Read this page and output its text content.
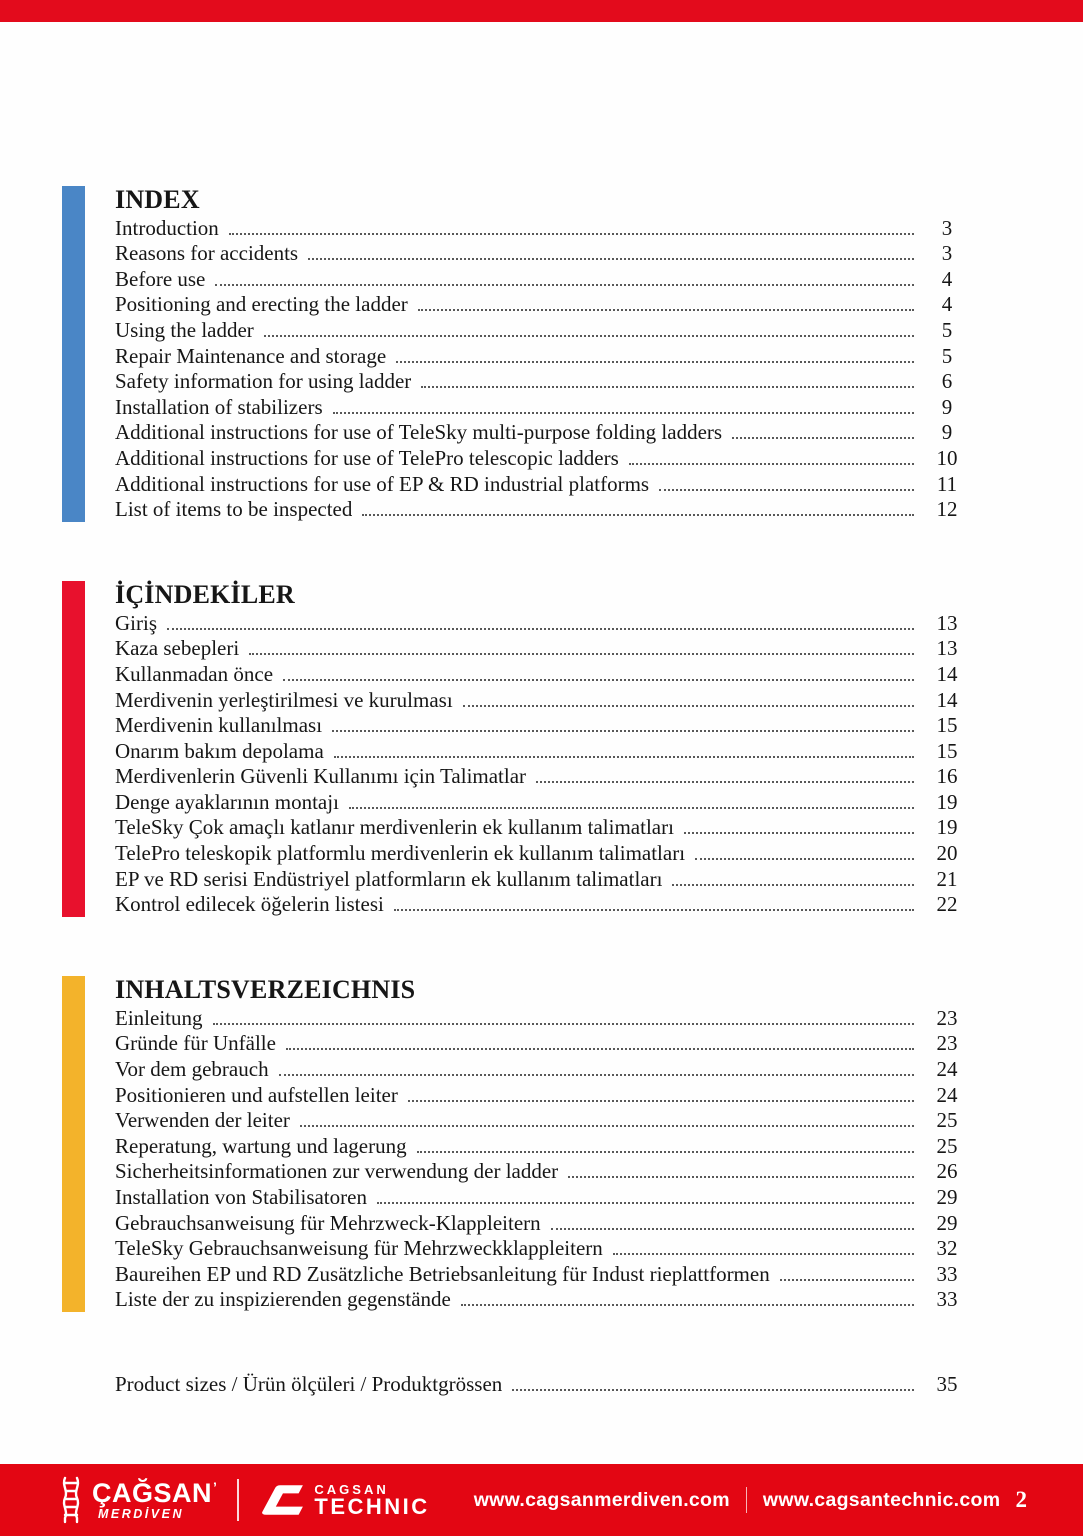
INDEX
Introduction	3
Reasons for accidents	3
Before use	4
Positioning and erecting the ladder	4
Using the ladder	5
Repair Maintenance and storage	5
Safety information for using ladder	6
Installation of stabilizers	9
Additional instructions for use of TeleSky multi-purpose folding ladders	9
Additional instructions for use of TelePro telescopic ladders	10
Additional instructions for use of EP & RD industrial platforms	11
List of items to be inspected	12
İÇİNDEKİLER
Giriş	13
Kaza sebepleri	13
Kullanmadan önce	14
Merdivenin yerleştirilmesi ve kurulması	14
Merdivenin kullanılması	15
Onarım bakım depolama	15
Merdivenlerin Güvenli Kullanımı için Talimatlar	16
Denge ayaklarının montajı	19
TeleSky Çok amaçlı katlanır merdivenlerin ek kullanım talimatları	19
TelePro teleskopik platformlu merdivenlerin ek kullanım talimatları	20
EP ve RD serisi Endüstriyel platformların ek kullanım talimatları	21
Kontrol edilecek öğelerin listesi	22
INHALTSVERZEICHNIS
Einleitung	23
Gründe für Unfälle	23
Vor dem gebrauch	24
Positionieren und aufstellen leiter	24
Verwenden der leiter	25
Reperatung, wartung und lagerung	25
Sicherheitsinformationen zur verwendung der ladder	26
Installation von Stabilisatoren	29
Gebrauchsanweisung für Mehrzweck-Klappleitern	29
TeleSky Gebrauchsanweisung für Mehrzweckklappleitern	32
Baureihen EP und RD Zusätzliche Betriebsanleitung für Indust rieplattformen	33
Liste der zu inspizierenden gegenstände	33
Product sizes / Ürün ölçüleri / Produktgrössen	35
ÇAĞSAN ’
MERDİVEN
CAGSAN
TECHNIC www.cagsanmerdiven.com www.cagsantechnic.com 2
